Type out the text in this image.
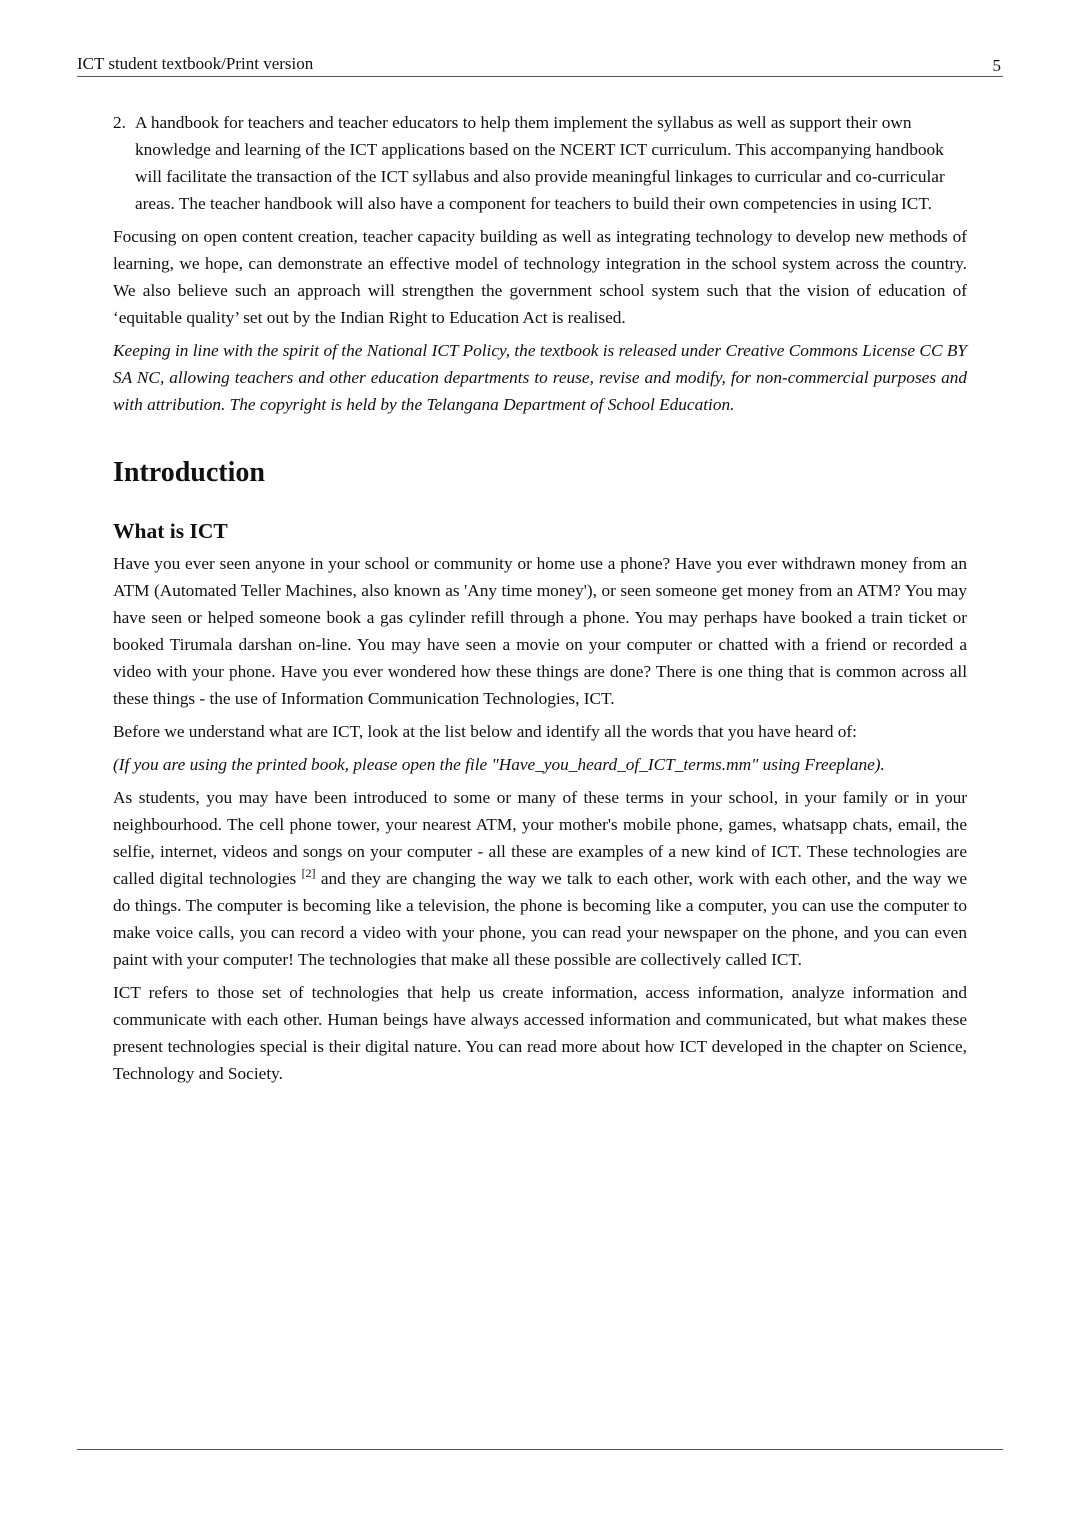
ICT student textbook/Print version	5

2. A handbook for teachers and teacher educators to help them implement the syllabus as well as support their own knowledge and learning of the ICT applications based on the NCERT ICT curriculum. This accompanying handbook will facilitate the transaction of the ICT syllabus and also provide meaningful linkages to curricular and co-curricular areas. The teacher handbook will also have a component for teachers to build their own competencies in using ICT.

Focusing on open content creation, teacher capacity building as well as integrating technology to develop new methods of learning, we hope, can demonstrate an effective model of technology integration in the school system across the country. We also believe such an approach will strengthen the government school system such that the vision of education of ‘equitable quality’ set out by the Indian Right to Education Act is realised.

Keeping in line with the spirit of the National ICT Policy, the textbook is released under Creative Commons License CC BY SA NC, allowing teachers and other education departments to reuse, revise and modify, for non-commercial purposes and with attribution. The copyright is held by the Telangana Department of School Education.

Introduction
What is ICT

Have you ever seen anyone in your school or community or home use a phone? Have you ever withdrawn money from an ATM (Automated Teller Machines, also known as 'Any time money'), or seen someone get money from an ATM? You may have seen or helped someone book a gas cylinder refill through a phone. You may perhaps have booked a train ticket or booked Tirumala darshan on-line. You may have seen a movie on your computer or chatted with a friend or recorded a video with your phone. Have you ever wondered how these things are done? There is one thing that is common across all these things - the use of Information Communication Technologies, ICT.

Before we understand what are ICT, look at the list below and identify all the words that you have heard of:

(If you are using the printed book, please open the file "Have_you_heard_of_ICT_terms.mm" using Freeplane).

As students, you may have been introduced to some or many of these terms in your school, in your family or in your neighbourhood. The cell phone tower, your nearest ATM, your mother's mobile phone, games, whatsapp chats, email, the selfie, internet, videos and songs on your computer - all these are examples of a new kind of ICT. These technologies are called digital technologies [2] and they are changing the way we talk to each other, work with each other, and the way we do things. The computer is becoming like a television, the phone is becoming like a computer, you can use the computer to make voice calls, you can record a video with your phone, you can read your newspaper on the phone, and you can even paint with your computer! The technologies that make all these possible are collectively called ICT.

ICT refers to those set of technologies that help us create information, access information, analyze information and communicate with each other. Human beings have always accessed information and communicated, but what makes these present technologies special is their digital nature. You can read more about how ICT developed in the chapter on Science, Technology and Society.
